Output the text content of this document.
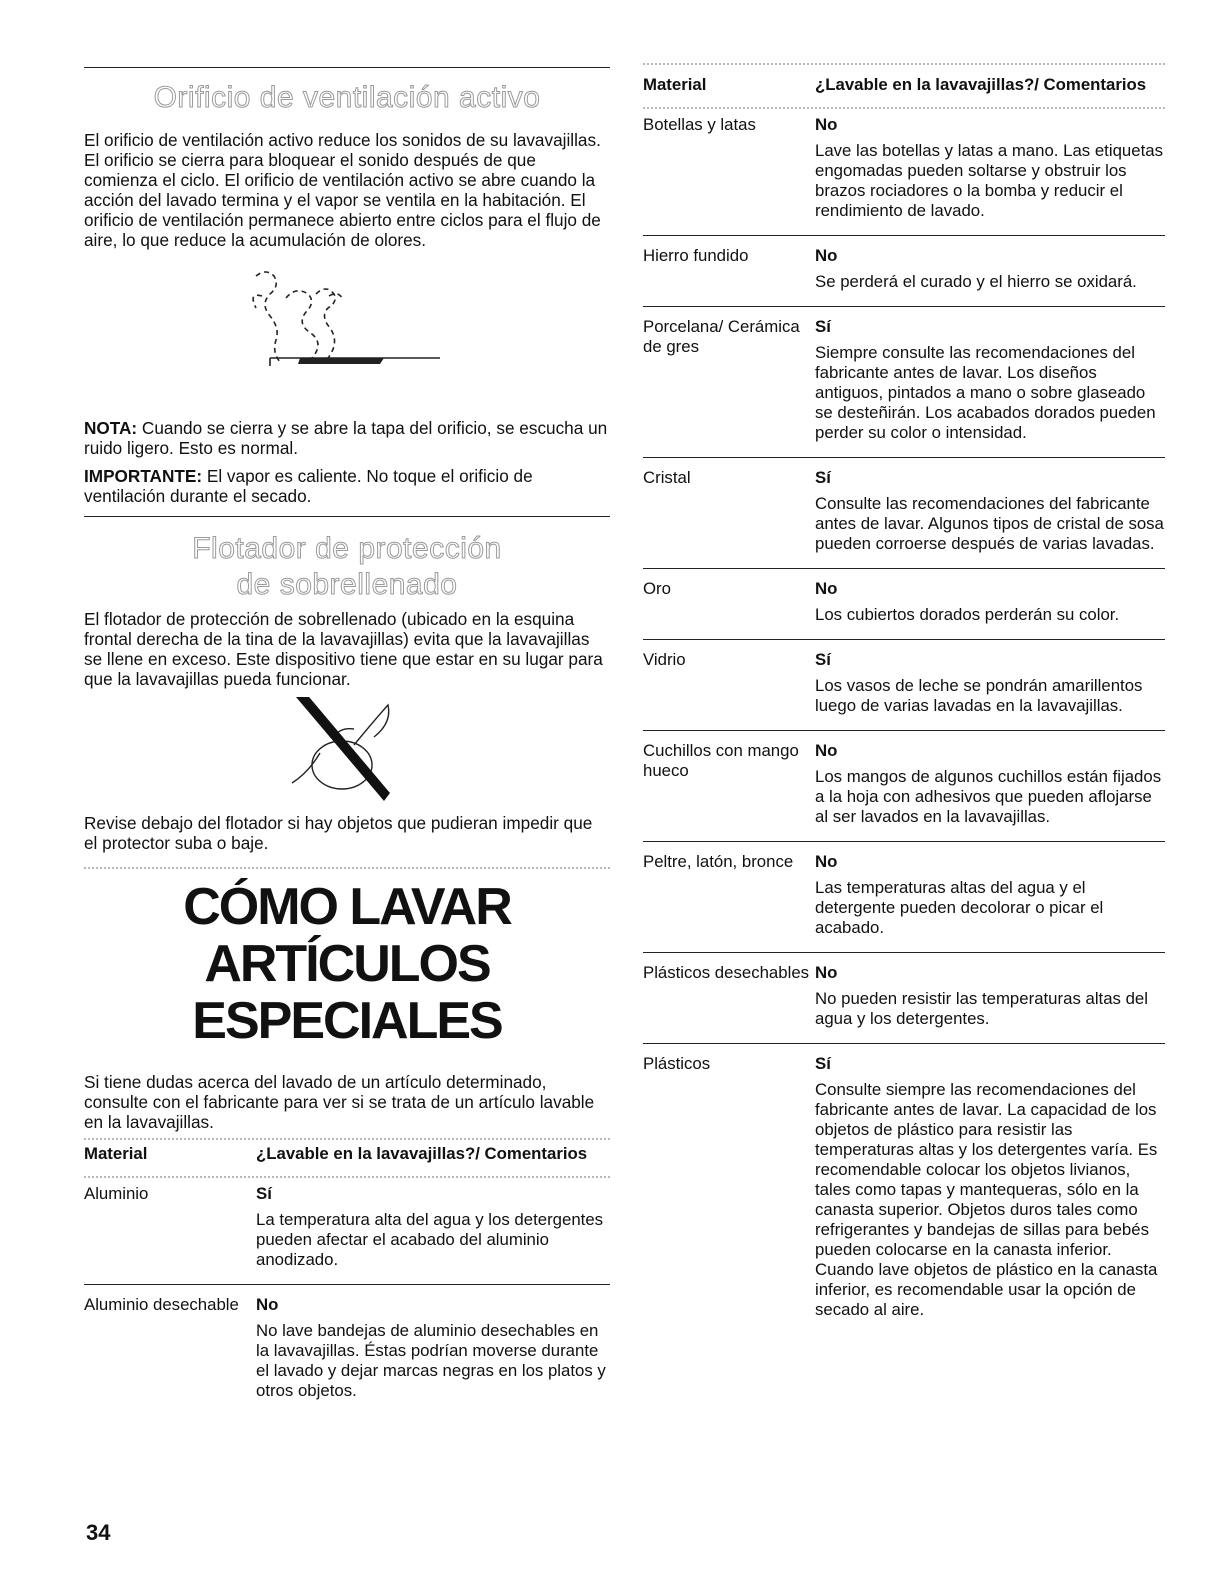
Orificio de ventilación activo

El orificio de ventilación activo reduce los sonidos de su lavavajillas. El orificio se cierra para bloquear el sonido después de que comienza el ciclo. El orificio de ventilación activo se abre cuando la acción del lavado termina y el vapor se ventila en la habitación. El orificio de ventilación permanece abierto entre ciclos para el flujo de aire, lo que reduce la acumulación de olores.

NOTA: Cuando se cierra y se abre la tapa del orificio, se escucha un ruido ligero. Esto es normal.

IMPORTANTE: El vapor es caliente. No toque el orificio de ventilación durante el secado.

Flotador de protección
de sobrellenado

El flotador de protección de sobrellenado (ubicado en la esquina frontal derecha de la tina de la lavavajillas) evita que la lavavajillas se llene en exceso. Este dispositivo tiene que estar en su lugar para que la lavavajillas pueda funcionar.

Revise debajo del flotador si hay objetos que pudieran impedir que el protector suba o baje.

CÓMO LAVAR
ARTÍCULOS
ESPECIALES

Si tiene dudas acerca del lavado de un artículo determinado, consulte con el fabricante para ver si se trata de un artículo lavable en la lavavajillas.

Material	¿Lavable en la lavavajillas?/ Comentarios
Aluminio	Sí
La temperatura alta del agua y los detergentes pueden afectar el acabado del aluminio anodizado.

Aluminio desechable	No
No lave bandejas de aluminio desechables en la lavavajillas. Éstas podrían moverse durante el lavado y dejar marcas negras en los platos y otros objetos.

34
Material	¿Lavable en la lavavajillas?/ Comentarios
Botellas y latas	No
Lave las botellas y latas a mano. Las etiquetas engomadas pueden soltarse y obstruir los brazos rociadores o la bomba y reducir el rendimiento de lavado.

Hierro fundido	No
Se perderá el curado y el hierro se oxidará.

Porcelana/ Cerámica de gres	Sí
Siempre consulte las recomendaciones del fabricante antes de lavar. Los diseños antiguos, pintados a mano o sobre glaseado se desteñirán. Los acabados dorados pueden perder su color o intensidad.

Cristal	Sí
Consulte las recomendaciones del fabricante antes de lavar. Algunos tipos de cristal de sosa pueden corroerse después de varias lavadas.

Oro	No
Los cubiertos dorados perderán su color.

Vidrio	Sí
Los vasos de leche se pondrán amarillentos luego de varias lavadas en la lavavajillas.

Cuchillos con mango hueco	No
Los mangos de algunos cuchillos están fijados a la hoja con adhesivos que pueden aflojarse al ser lavados en la lavavajillas.

Peltre, latón, bronce	No
Las temperaturas altas del agua y el detergente pueden decolorar o picar el acabado.

Plásticos desechables	No
No pueden resistir las temperaturas altas del agua y los detergentes.

Plásticos	Sí
Consulte siempre las recomendaciones del fabricante antes de lavar. La capacidad de los objetos de plástico para resistir las temperaturas altas y los detergentes varía. Es recomendable colocar los objetos livianos, tales como tapas y mantequeras, sólo en la canasta superior. Objetos duros tales como refrigerantes y bandejas de sillas para bebés pueden colocarse en la canasta inferior. Cuando lave objetos de plástico en la canasta inferior, es recomendable usar la opción de secado al aire.
